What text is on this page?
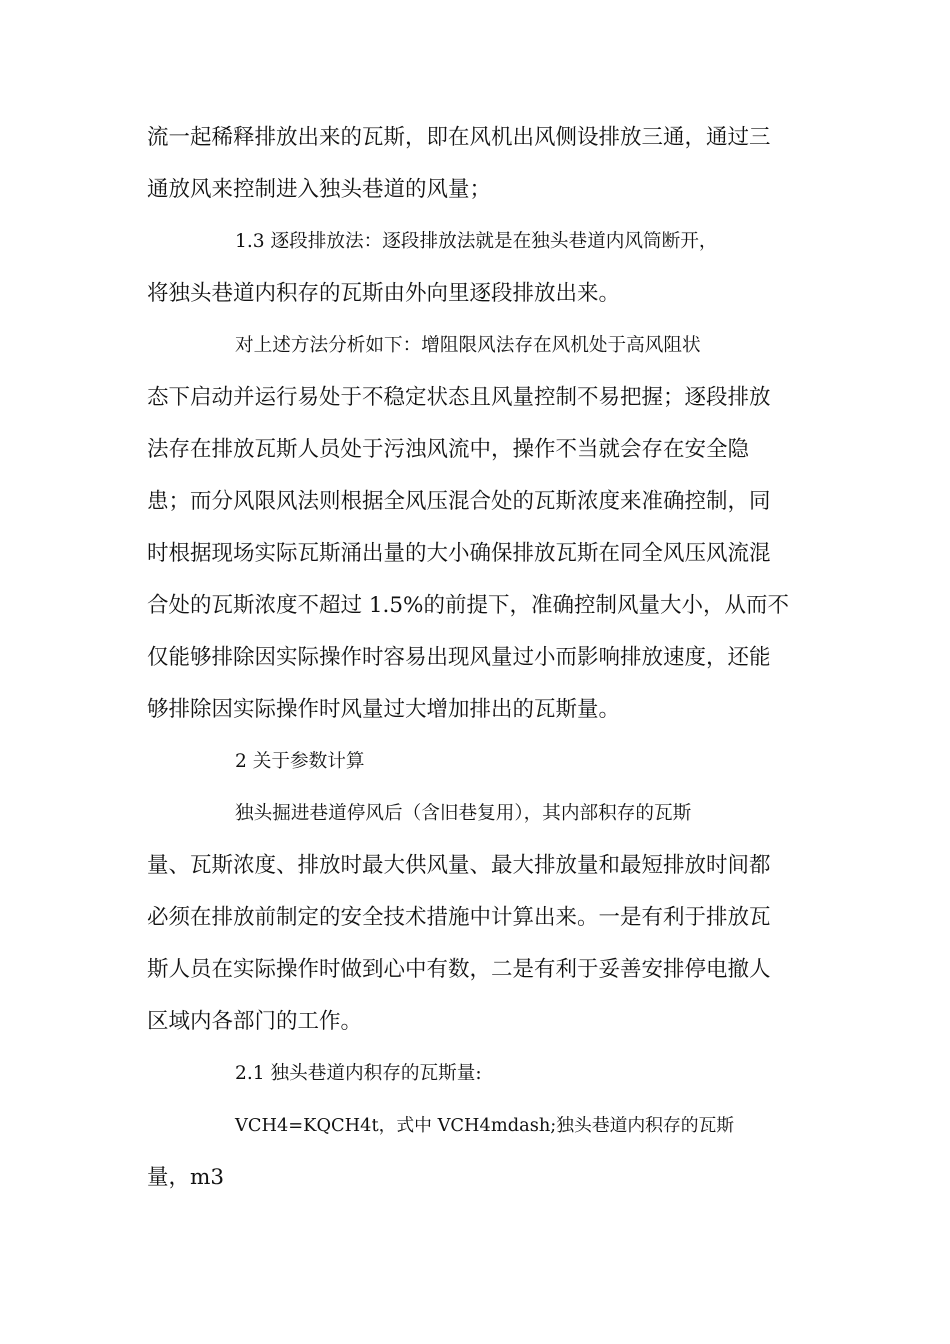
流一起稀释排放出来的瓦斯，即在风机出风侧设排放三通，通过三
通放风来控制进入独头巷道的风量；
1.3 逐段排放法：逐段排放法就是在独头巷道内风筒断开，
将独头巷道内积存的瓦斯由外向里逐段排放出来。
对上述方法分析如下：增阻限风法存在风机处于高风阻状
态下启动并运行易处于不稳定状态且风量控制不易把握；逐段排放
法存在排放瓦斯人员处于污浊风流中，操作不当就会存在安全隐
患；而分风限风法则根据全风压混合处的瓦斯浓度来准确控制，同
时根据现场实际瓦斯涌出量的大小确保排放瓦斯在同全风压风流混
合处的瓦斯浓度不超过 1.5%的前提下，准确控制风量大小，从而不
仅能够排除因实际操作时容易出现风量过小而影响排放速度，还能
够排除因实际操作时风量过大增加排出的瓦斯量。
2 关于参数计算
独头掘进巷道停风后（含旧巷复用），其内部积存的瓦斯
量、瓦斯浓度、排放时最大供风量、最大排放量和最短排放时间都
必须在排放前制定的安全技术措施中计算出来。一是有利于排放瓦
斯人员在实际操作时做到心中有数，二是有利于妥善安排停电撤人
区域内各部门的工作。
2.1 独头巷道内积存的瓦斯量:
VCH4=KQCH4t，式中 VCH4mdash;独头巷道内积存的瓦斯
量，m3
